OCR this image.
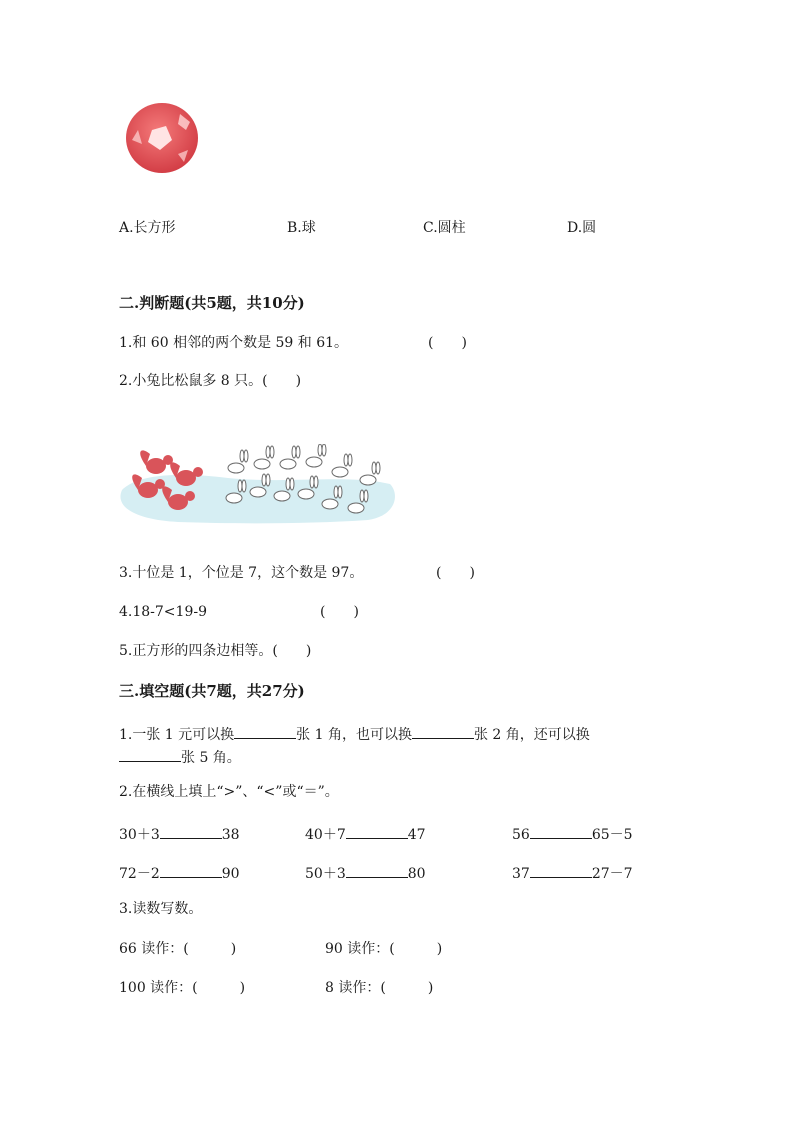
A.长方形	B.球	C.圆柱	D.圆
二.判断题(共5题，共10分)
1.和 60 相邻的两个数是 59 和 61。	(　　)
2.小兔比松鼠多 8 只。(　　)
3.十位是 1，个位是 7，这个数是 97。	(　　)
4.18-7<19-9	(　　)
5.正方形的四条边相等。(　　)
三.填空题(共7题，共27分)
1.一张 1 元可以换	张 1 角，也可以换	张 2 角，还可以换
张 5 角。
2.在横线上填上“>”、“<”或“＝”。
30＋3	38	40＋7	47	56	65－5
72－2	90	50＋3	80	37	27－7
3.读数写数。
66 读作：(　　　)	90 读作：(　　　)
100 读作：(　　　)	8 读作：(　　　)
